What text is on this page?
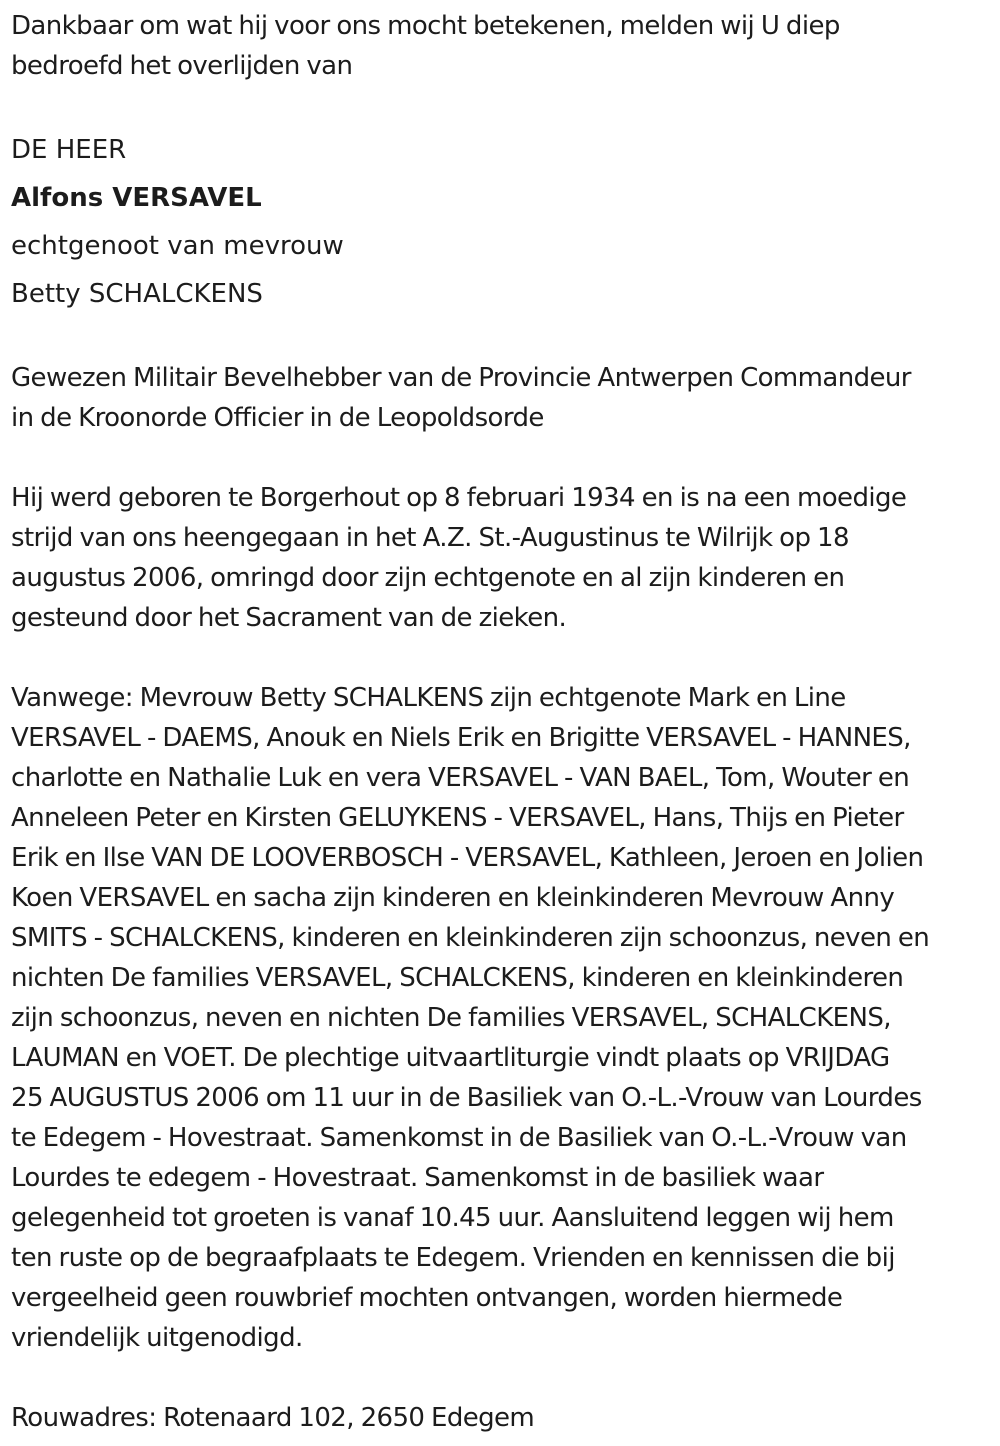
Dankbaar om wat hij voor ons mocht betekenen, melden wij U diep
bedroefd het overlijden van

DE HEER

Alfons VERSAVEL

echtgenoot van mevrouw

Betty SCHALCKENS

Gewezen Militair Bevelhebber van de Provincie Antwerpen Commandeur
in de Kroonorde Officier in de Leopoldsorde

Hij werd geboren te Borgerhout op 8 februari 1934 en is na een moedige
strijd van ons heengegaan in het A.Z. St.-Augustinus te Wilrijk op 18
augustus 2006, omringd door zijn echtgenote en al zijn kinderen en
gesteund door het Sacrament van de zieken.

Vanwege: Mevrouw Betty SCHALKENS zijn echtgenote Mark en Line
VERSAVEL - DAEMS, Anouk en Niels Erik en Brigitte VERSAVEL - HANNES,
charlotte en Nathalie Luk en vera VERSAVEL - VAN BAEL, Tom, Wouter en
Anneleen Peter en Kirsten GELUYKENS - VERSAVEL, Hans, Thijs en Pieter
Erik en Ilse VAN DE LOOVERBOSCH - VERSAVEL, Kathleen, Jeroen en Jolien
Koen VERSAVEL en sacha zijn kinderen en kleinkinderen Mevrouw Anny
SMITS - SCHALCKENS, kinderen en kleinkinderen zijn schoonzus, neven en
nichten De families VERSAVEL, SCHALCKENS, kinderen en kleinkinderen
zijn schoonzus, neven en nichten De families VERSAVEL, SCHALCKENS,
LAUMAN en VOET. De plechtige uitvaartliturgie vindt plaats op VRIJDAG
25 AUGUSTUS 2006 om 11 uur in de Basiliek van O.-L.-Vrouw van Lourdes
te Edegem - Hovestraat. Samenkomst in de Basiliek van O.-L.-Vrouw van
Lourdes te edegem - Hovestraat. Samenkomst in de basiliek waar
gelegenheid tot groeten is vanaf 10.45 uur. Aansluitend leggen wij hem
ten ruste op de begraafplaats te Edegem. Vrienden en kennissen die bij
vergeelheid geen rouwbrief mochten ontvangen, worden hiermede
vriendelijk uitgenodigd.

Rouwadres: Rotenaard 102, 2650 Edegem
